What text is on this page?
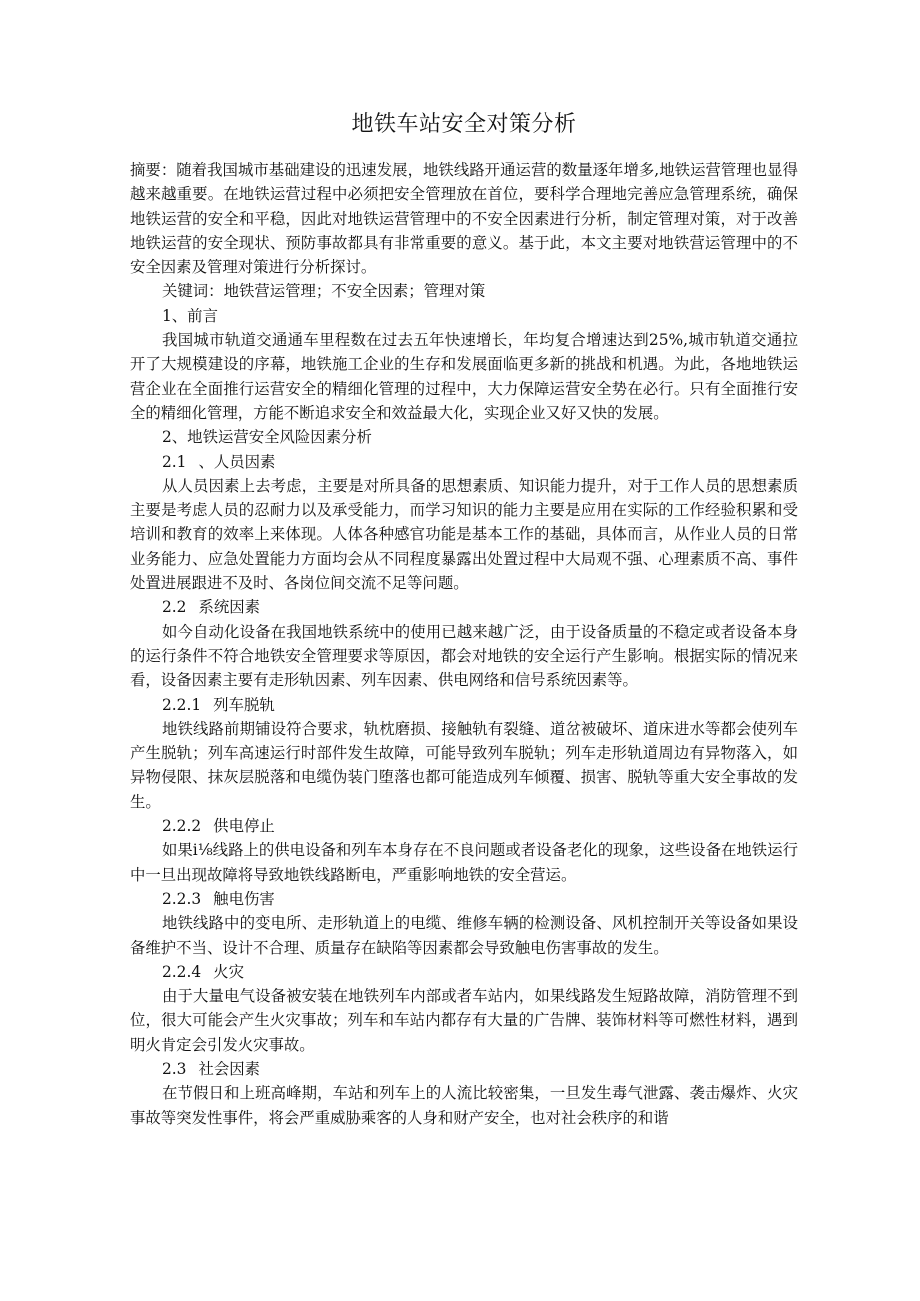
地铁车站安全对策分析

摘要：随着我国城市基础建设的迅速发展，地铁线路开通运营的数量逐年增多,地铁运营管理也显得越来越重要。在地铁运营过程中必须把安全管理放在首位，要科学合理地完善应急管理系统，确保地铁运营的安全和平稳，因此对地铁运营管理中的不安全因素进行分析，制定管理对策，对于改善地铁运营的安全现状、预防事故都具有非常重要的意义。基于此，本文主要对地铁营运管理中的不安全因素及管理对策进行分析探讨。

关键词：地铁营运管理；不安全因素；管理对策

1、前言

我国城市轨道交通通车里程数在过去五年快速增长，年均复合增速达到25%,城市轨道交通拉开了大规模建设的序幕，地铁施工企业的生存和发展面临更多新的挑战和机遇。为此，各地地铁运营企业在全面推行运营安全的精细化管理的过程中，大力保障运营安全势在必行。只有全面推行安全的精细化管理，方能不断追求安全和效益最大化，实现企业又好又快的发展。

2、地铁运营安全风险因素分析

2.1 、人员因素

从人员因素上去考虑，主要是对所具备的思想素质、知识能力提升，对于工作人员的思想素质主要是考虑人员的忍耐力以及承受能力，而学习知识的能力主要是应用在实际的工作经验积累和受培训和教育的效率上来体现。人体各种感官功能是基本工作的基础，具体而言，从作业人员的日常业务能力、应急处置能力方面均会从不同程度暴露出处置过程中大局观不强、心理素质不高、事件处置进展跟进不及时、各岗位间交流不足等问题。

2.2 系统因素

如今自动化设备在我国地铁系统中的使用已越来越广泛，由于设备质量的不稳定或者设备本身的运行条件不符合地铁安全管理要求等原因，都会对地铁的安全运行产生影响。根据实际的情况来看，设备因素主要有走形轨因素、列车因素、供电网络和信号系统因素等。

2.2.1 列车脱轨

地铁线路前期铺设符合要求，轨枕磨损、接触轨有裂缝、道岔被破坏、道床进水等都会使列车产生脱轨；列车高速运行时部件发生故障，可能导致列车脱轨；列车走形轨道周边有异物落入，如异物侵限、抹灰层脱落和电缆伪装门堕落也都可能造成列车倾覆、损害、脱轨等重大安全事故的发生。

2.2.2 供电停止

如果i⅛线路上的供电设备和列车本身存在不良问题或者设备老化的现象，这些设备在地铁运行中一旦出现故障将导致地铁线路断电，严重影响地铁的安全营运。

2.2.3 触电伤害

地铁线路中的变电所、走形轨道上的电缆、维修车辆的检测设备、风机控制开关等设备如果设备维护不当、设计不合理、质量存在缺陷等因素都会导致触电伤害事故的发生。

2.2.4 火灾

由于大量电气设备被安装在地铁列车内部或者车站内，如果线路发生短路故障，消防管理不到位，很大可能会产生火灾事故；列车和车站内都存有大量的广告牌、装饰材料等可燃性材料，遇到明火肯定会引发火灾事故。

2.3 社会因素

在节假日和上班高峰期，车站和列车上的人流比较密集，一旦发生毒气泄露、袭击爆炸、火灾事故等突发性事件，将会严重威胁乘客的人身和财产安全，也对社会秩序的和谐
